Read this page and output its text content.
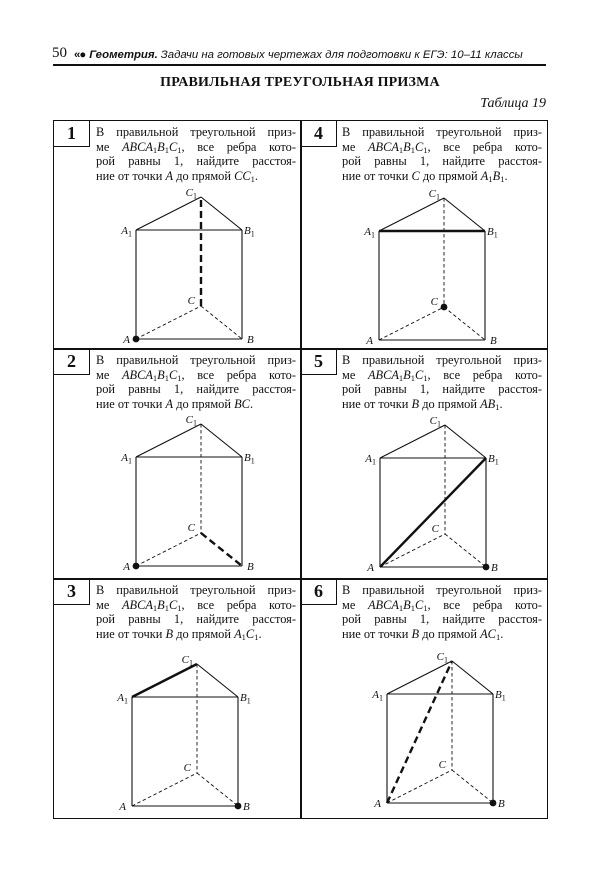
50 «● Геометрия. Задачи на готовых чертежах для подготовки к ЕГЭ: 10–11 классы
ПРАВИЛЬНАЯ ТРЕУГОЛЬНАЯ ПРИЗМА
Таблица 19
1	В правильной треугольной приз-
ме $ABCA_1B_1C_1$, все ребра кото-
рой равны 1, найдите расстоя-
ние от точки A до прямой $CC_1$.
$A_1$	$B_1$
$C_1$
A	B
C
2	В правильной треугольной приз-
ме $ABCA_1B_1C_1$, все ребра кото-
рой равны 1, найдите расстоя-
ние от точки A до прямой BC.
$A_1$	$B_1$
$C_1$
A	B
C
3	В правильной треугольной приз-
ме $ABCA_1B_1C_1$, все ребра кото-
рой равны 1, найдите расстоя-
ние от точки B до прямой $A_1C_1$.
$A_1$	$B_1$
$C_1$
A	B
C
4	В правильной треугольной приз-
ме $ABCA_1B_1C_1$, все ребра кото-
рой равны 1, найдите расстоя-
ние от точки C до прямой $A_1B_1$.
$A_1$	$B_1$
$C_1$
A	B
C
5	В правильной треугольной приз-
ме $ABCA_1B_1C_1$, все ребра кото-
рой равны 1, найдите расстоя-
ние от точки B до прямой $AB_1$.
$A_1$	$B_1$
$C_1$
A	B
C
6	В правильной треугольной приз-
ме $ABCA_1B_1C_1$, все ребра кото-
рой равны 1, найдите расстоя-
ние от точки B до прямой $AC_1$.
$A_1$	$B_1$
$C_1$
A	B
C
